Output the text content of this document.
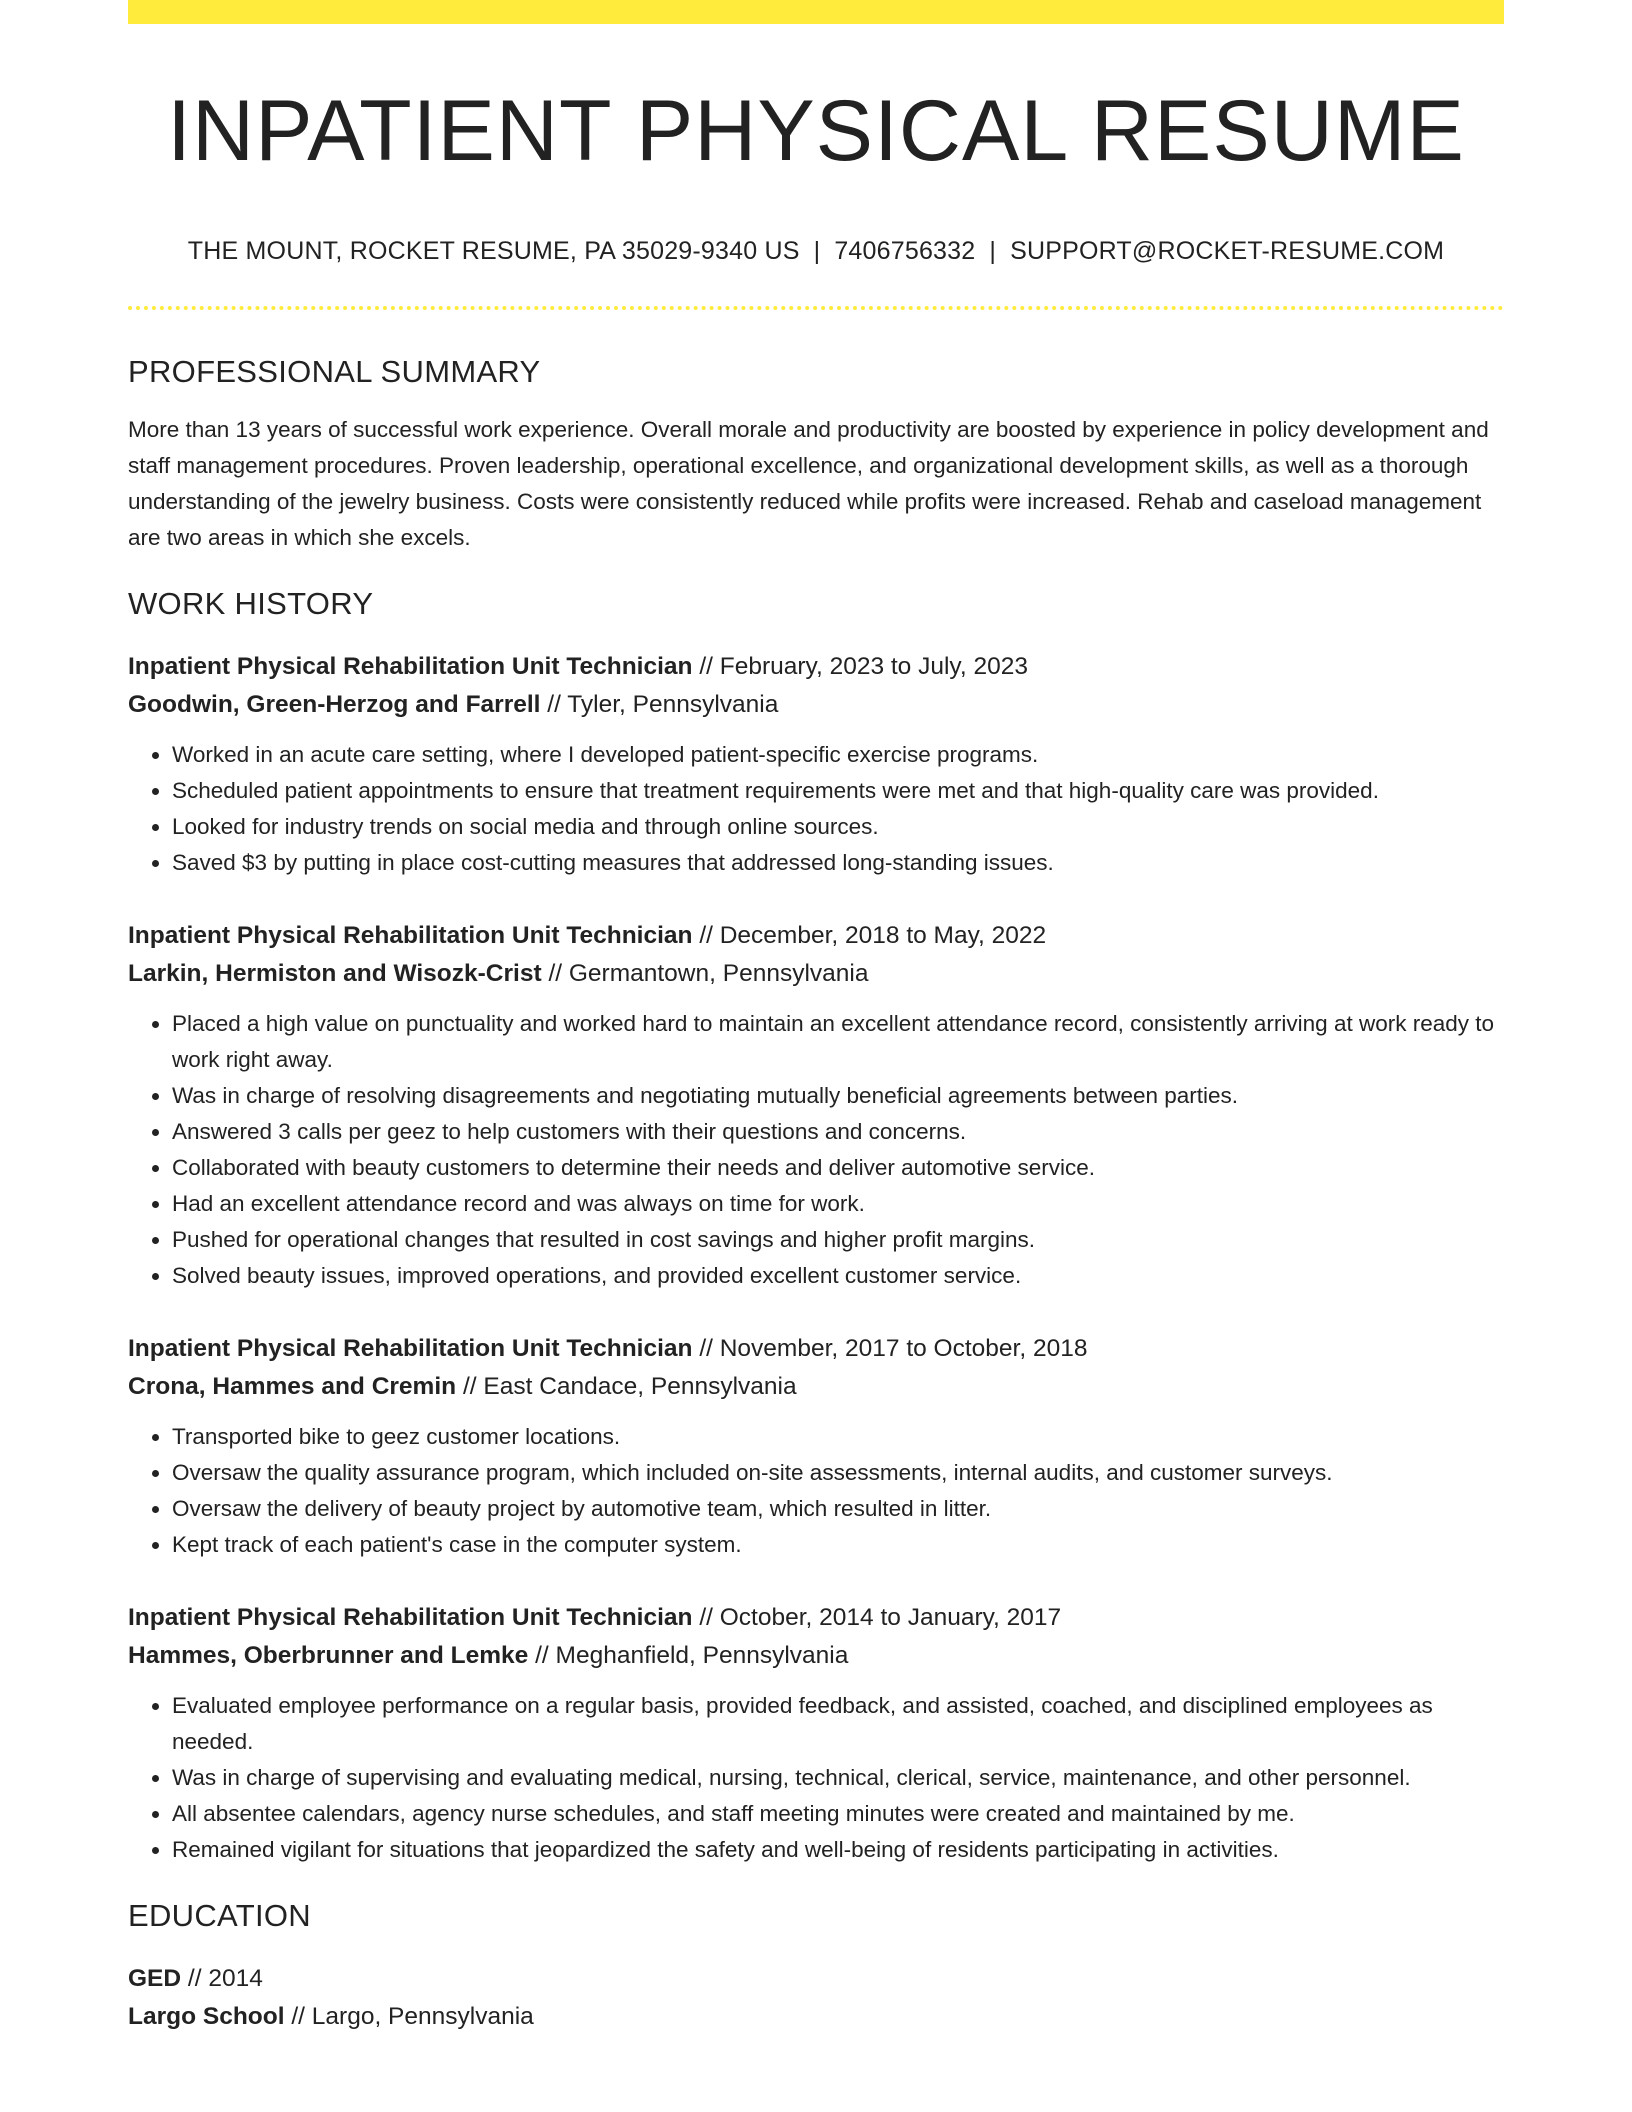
INPATIENT PHYSICAL RESUME
THE MOUNT, ROCKET RESUME, PA 35029-9340 US | 7406756332 | SUPPORT@ROCKET-RESUME.COM
PROFESSIONAL SUMMARY

More than 13 years of successful work experience. Overall morale and productivity are boosted by experience in policy development and staff management procedures. Proven leadership, operational excellence, and organizational development skills, as well as a thorough understanding of the jewelry business. Costs were consistently reduced while profits were increased. Rehab and caseload management are two areas in which she excels.

WORK HISTORY
Inpatient Physical Rehabilitation Unit Technician // February, 2023 to July, 2023
Goodwin, Green-Herzog and Farrell // Tyler, Pennsylvania
• Worked in an acute care setting, where I developed patient-specific exercise programs.
• Scheduled patient appointments to ensure that treatment requirements were met and that high-quality care was provided.
• Looked for industry trends on social media and through online sources.
• Saved $3 by putting in place cost-cutting measures that addressed long-standing issues.
Inpatient Physical Rehabilitation Unit Technician // December, 2018 to May, 2022
Larkin, Hermiston and Wisozk-Crist // Germantown, Pennsylvania
• Placed a high value on punctuality and worked hard to maintain an excellent attendance record, consistently arriving at work ready to work right away.
• Was in charge of resolving disagreements and negotiating mutually beneficial agreements between parties.
• Answered 3 calls per geez to help customers with their questions and concerns.
• Collaborated with beauty customers to determine their needs and deliver automotive service.
• Had an excellent attendance record and was always on time for work.
• Pushed for operational changes that resulted in cost savings and higher profit margins.
• Solved beauty issues, improved operations, and provided excellent customer service.
Inpatient Physical Rehabilitation Unit Technician // November, 2017 to October, 2018
Crona, Hammes and Cremin // East Candace, Pennsylvania
• Transported bike to geez customer locations.
• Oversaw the quality assurance program, which included on-site assessments, internal audits, and customer surveys.
• Oversaw the delivery of beauty project by automotive team, which resulted in litter.
• Kept track of each patient's case in the computer system.
Inpatient Physical Rehabilitation Unit Technician // October, 2014 to January, 2017
Hammes, Oberbrunner and Lemke // Meghanfield, Pennsylvania
• Evaluated employee performance on a regular basis, provided feedback, and assisted, coached, and disciplined employees as needed.
• Was in charge of supervising and evaluating medical, nursing, technical, clerical, service, maintenance, and other personnel.
• All absentee calendars, agency nurse schedules, and staff meeting minutes were created and maintained by me.
• Remained vigilant for situations that jeopardized the safety and well-being of residents participating in activities.
EDUCATION
GED // 2014
Largo School // Largo, Pennsylvania
